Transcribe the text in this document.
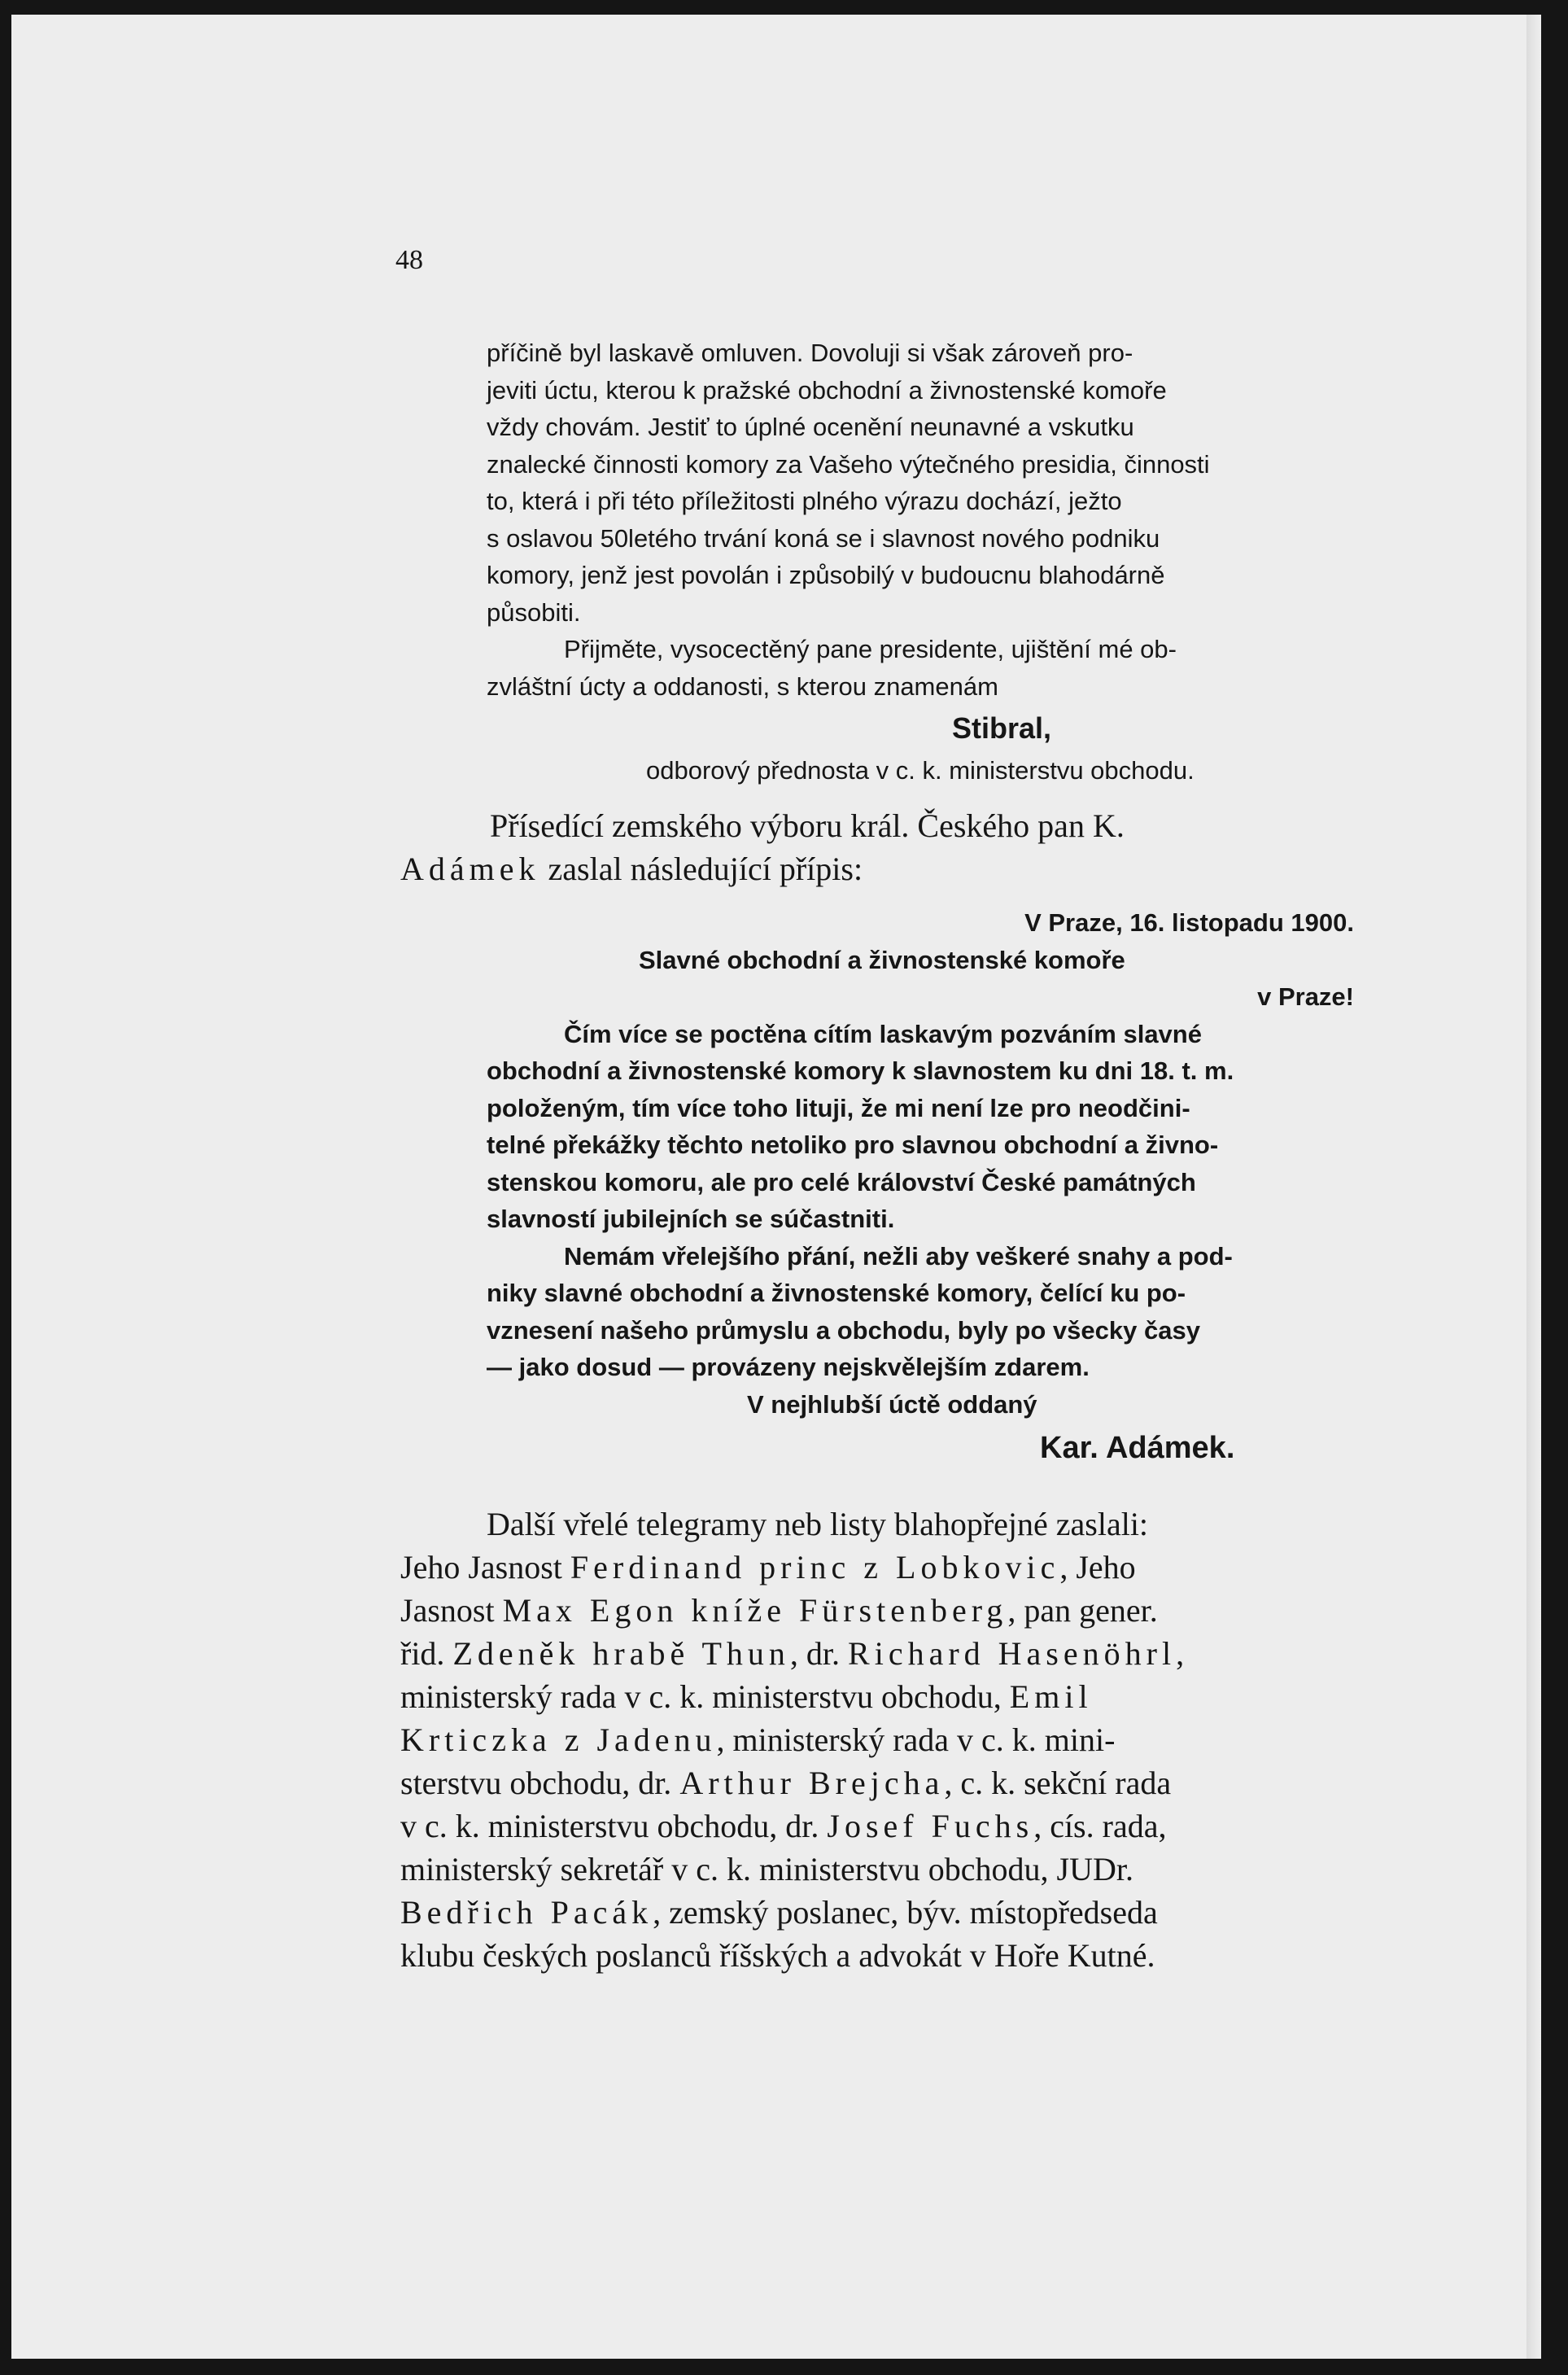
48
příčině byl laskavě omluven. Dovoluji si však zároveň pro-
jeviti úctu, kterou k pražské obchodní a živnostenské komoře
vždy chovám. Jestiť to úplné ocenění neunavné a vskutku
znalecké činnosti komory za Vašeho výtečného presidia, činnosti
to, která i při této příležitosti plného výrazu dochází, ježto
s oslavou 50letého trvání koná se i slavnost nového podniku
komory, jenž jest povolán i způsobilý v budoucnu blahodárně
působiti.
Přijměte, vysocectěný pane presidente, ujištění mé ob-
zvláštní úcty a oddanosti, s kterou znamenám
Stibral,
odborový přednosta v c. k. ministerstvu obchodu.
Přísedící zemského výboru král. Českého pan K.
Adámek zaslal následující přípis:
V Praze, 16. listopadu 1900.
Slavné obchodní a živnostenské komoře
v Praze!
Čím více se poctěna cítím laskavým pozváním slavné
obchodní a živnostenské komory k slavnostem ku dni 18. t. m.
položeným, tím více toho lituji, že mi není lze pro neodčini-
telné překážky těchto netoliko pro slavnou obchodní a živno-
stenskou komoru, ale pro celé království České památných
slavností jubilejních se súčastniti.
Nemám vřelejšího přání, nežli aby veškeré snahy a pod-
niky slavné obchodní a živnostenské komory, čelící ku po-
vznesení našeho průmyslu a obchodu, byly po všecky časy
— jako dosud — provázeny nejskvělejším zdarem.
V nejhlubší úctě oddaný
Kar. Adámek.
Další vřelé telegramy neb listy blahopřejné zaslali:
Jeho Jasnost Ferdinand princ z Lobkovic, Jeho
Jasnost Max Egon kníže Fürstenberg, pan gener.
řid. Zdeněk hrabě Thun, dr. Richard Hasenöhrl,
ministerský rada v c. k. ministerstvu obchodu, Emil
Krticzka z Jadenu, ministerský rada v c. k. mini-
sterstvu obchodu, dr. Arthur Brejcha, c. k. sekční rada
v c. k. ministerstvu obchodu, dr. Josef Fuchs, cís. rada,
ministerský sekretář v c. k. ministerstvu obchodu, JUDr.
Bedřich Pacák, zemský poslanec, býv. místopředseda
klubu českých poslanců říšských a advokát v Hoře Kutné.
